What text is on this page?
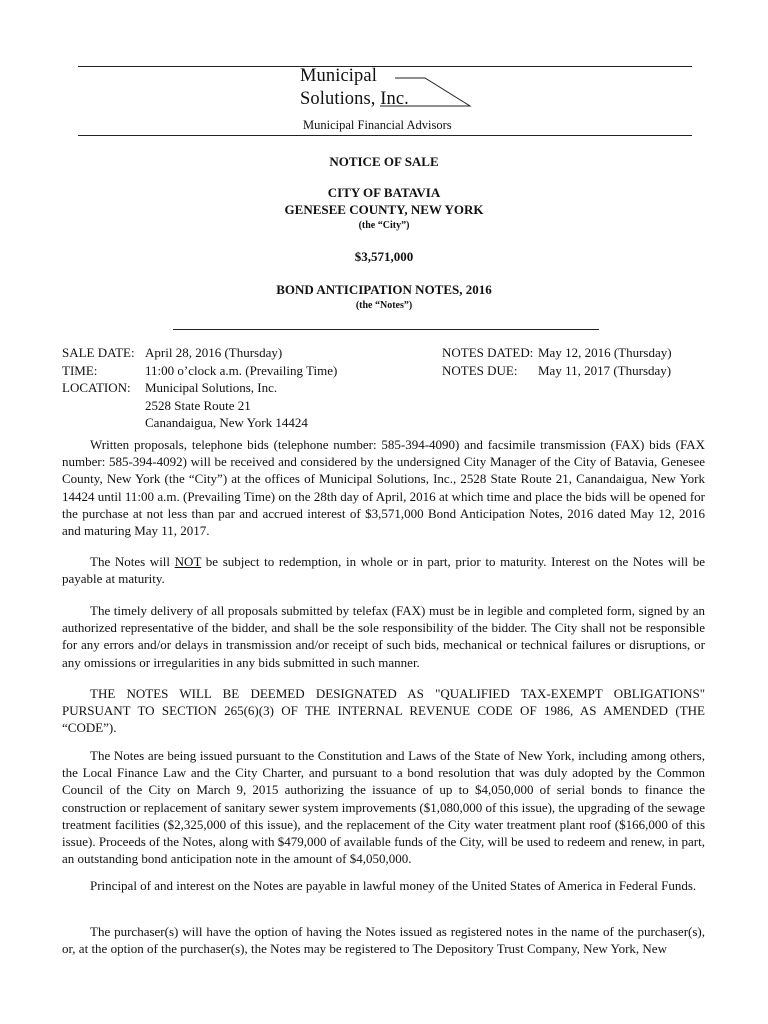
Municipal
Solutions, Inc.
Municipal Financial Advisors
NOTICE OF SALE
CITY OF BATAVIA
GENESEE COUNTY, NEW YORK
(the “City”)
$3,571,000
BOND ANTICIPATION NOTES, 2016
(the “Notes”)
SALE DATE: April 28, 2016 (Thursday)
TIME:	11:00 o’clock a.m. (Prevailing Time)
LOCATION: Municipal Solutions, Inc.
2528 State Route 21
Canandaigua, New York 14424
NOTES DATED: May 12, 2016 (Thursday)
NOTES DUE: May 11, 2017 (Thursday)

Written proposals, telephone bids (telephone number: 585-394-4090) and facsimile transmission (FAX) bids (FAX number: 585-394-4092) will be received and considered by the undersigned City Manager of the City of Batavia, Genesee County, New York (the “City”) at the offices of Municipal Solutions, Inc., 2528 State Route 21, Canandaigua, New York 14424 until 11:00 a.m. (Prevailing Time) on the 28th day of April, 2016 at which time and place the bids will be opened for the purchase at not less than par and accrued interest of $3,571,000 Bond Anticipation Notes, 2016 dated May 12, 2016 and maturing May 11, 2017.

The Notes will NOT be subject to redemption, in whole or in part, prior to maturity. Interest on the Notes will be payable at maturity.

The timely delivery of all proposals submitted by telefax (FAX) must be in legible and completed form, signed by an authorized representative of the bidder, and shall be the sole responsibility of the bidder. The City shall not be responsible for any errors and/or delays in transmission and/or receipt of such bids, mechanical or technical failures or disruptions, or any omissions or irregularities in any bids submitted in such manner.

THE NOTES WILL BE DEEMED DESIGNATED AS "QUALIFIED TAX-EXEMPT OBLIGATIONS" PURSUANT TO SECTION 265(6)(3) OF THE INTERNAL REVENUE CODE OF 1986, AS AMENDED (THE “CODE”).

The Notes are being issued pursuant to the Constitution and Laws of the State of New York, including among others, the Local Finance Law and the City Charter, and pursuant to a bond resolution that was duly adopted by the Common Council of the City on March 9, 2015 authorizing the issuance of up to $4,050,000 of serial bonds to finance the construction or replacement of sanitary sewer system improvements ($1,080,000 of this issue), the upgrading of the sewage treatment facilities ($2,325,000 of this issue), and the replacement of the City water treatment plant roof ($166,000 of this issue). Proceeds of the Notes, along with $479,000 of available funds of the City, will be used to redeem and renew, in part, an outstanding bond anticipation note in the amount of $4,050,000.

Principal of and interest on the Notes are payable in lawful money of the United States of America in Federal Funds.

The purchaser(s) will have the option of having the Notes issued as registered notes in the name of the purchaser(s), or, at the option of the purchaser(s), the Notes may be registered to The Depository Trust Company, New York, New
